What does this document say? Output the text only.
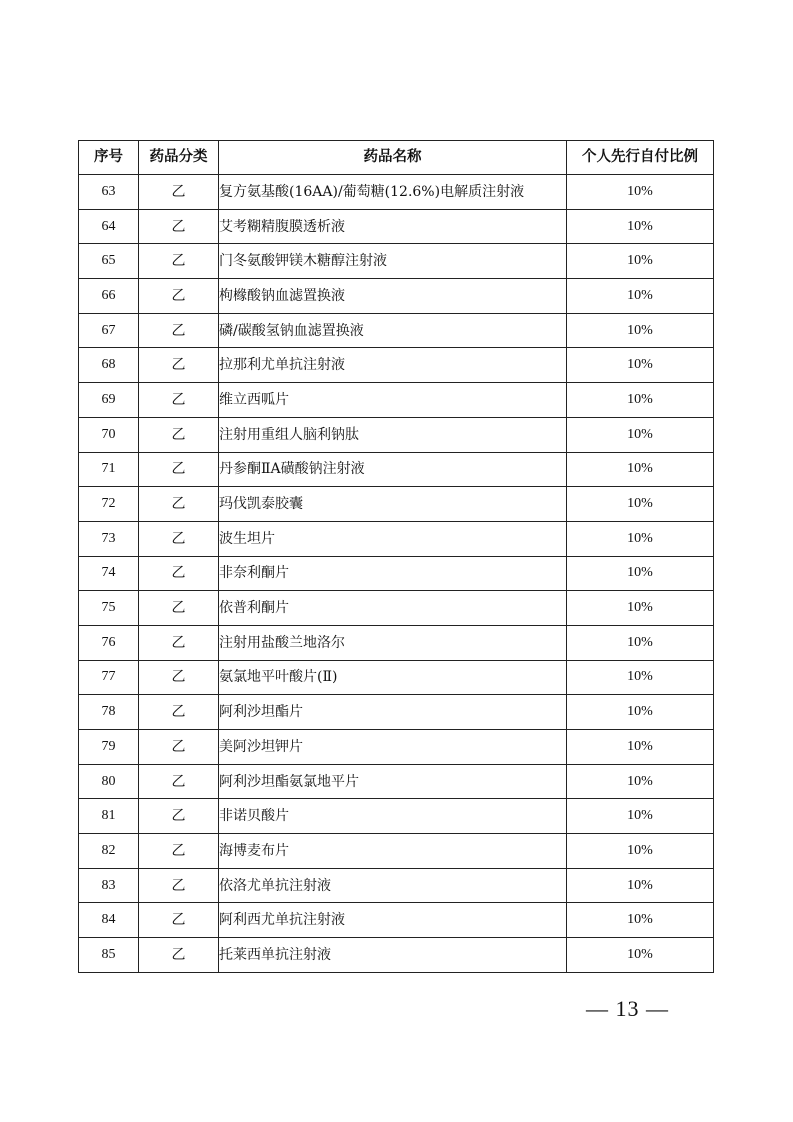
序号	药品分类	药品名称	个人先行自付比例
63	乙	复方氨基酸(16AA)/葡萄糖(12.6%)电解质注射液	10%
64	乙	艾考糊精腹膜透析液	10%
65	乙	门冬氨酸钾镁木糖醇注射液	10%
66	乙	枸橼酸钠血滤置换液	10%
67	乙	磷/碳酸氢钠血滤置换液	10%
68	乙	拉那利尤单抗注射液	10%
69	乙	维立西呱片	10%
70	乙	注射用重组人脑利钠肽	10%
71	乙	丹参酮ⅡA磺酸钠注射液	10%
72	乙	玛伐凯泰胶囊	10%
73	乙	波生坦片	10%
74	乙	非奈利酮片	10%
75	乙	依普利酮片	10%
76	乙	注射用盐酸兰地洛尔	10%
77	乙	氨氯地平叶酸片(Ⅱ)	10%
78	乙	阿利沙坦酯片	10%
79	乙	美阿沙坦钾片	10%
80	乙	阿利沙坦酯氨氯地平片	10%
81	乙	非诺贝酸片	10%
82	乙	海博麦布片	10%
83	乙	依洛尤单抗注射液	10%
84	乙	阿利西尤单抗注射液	10%
85	乙	托莱西单抗注射液	10%
— 13 —
